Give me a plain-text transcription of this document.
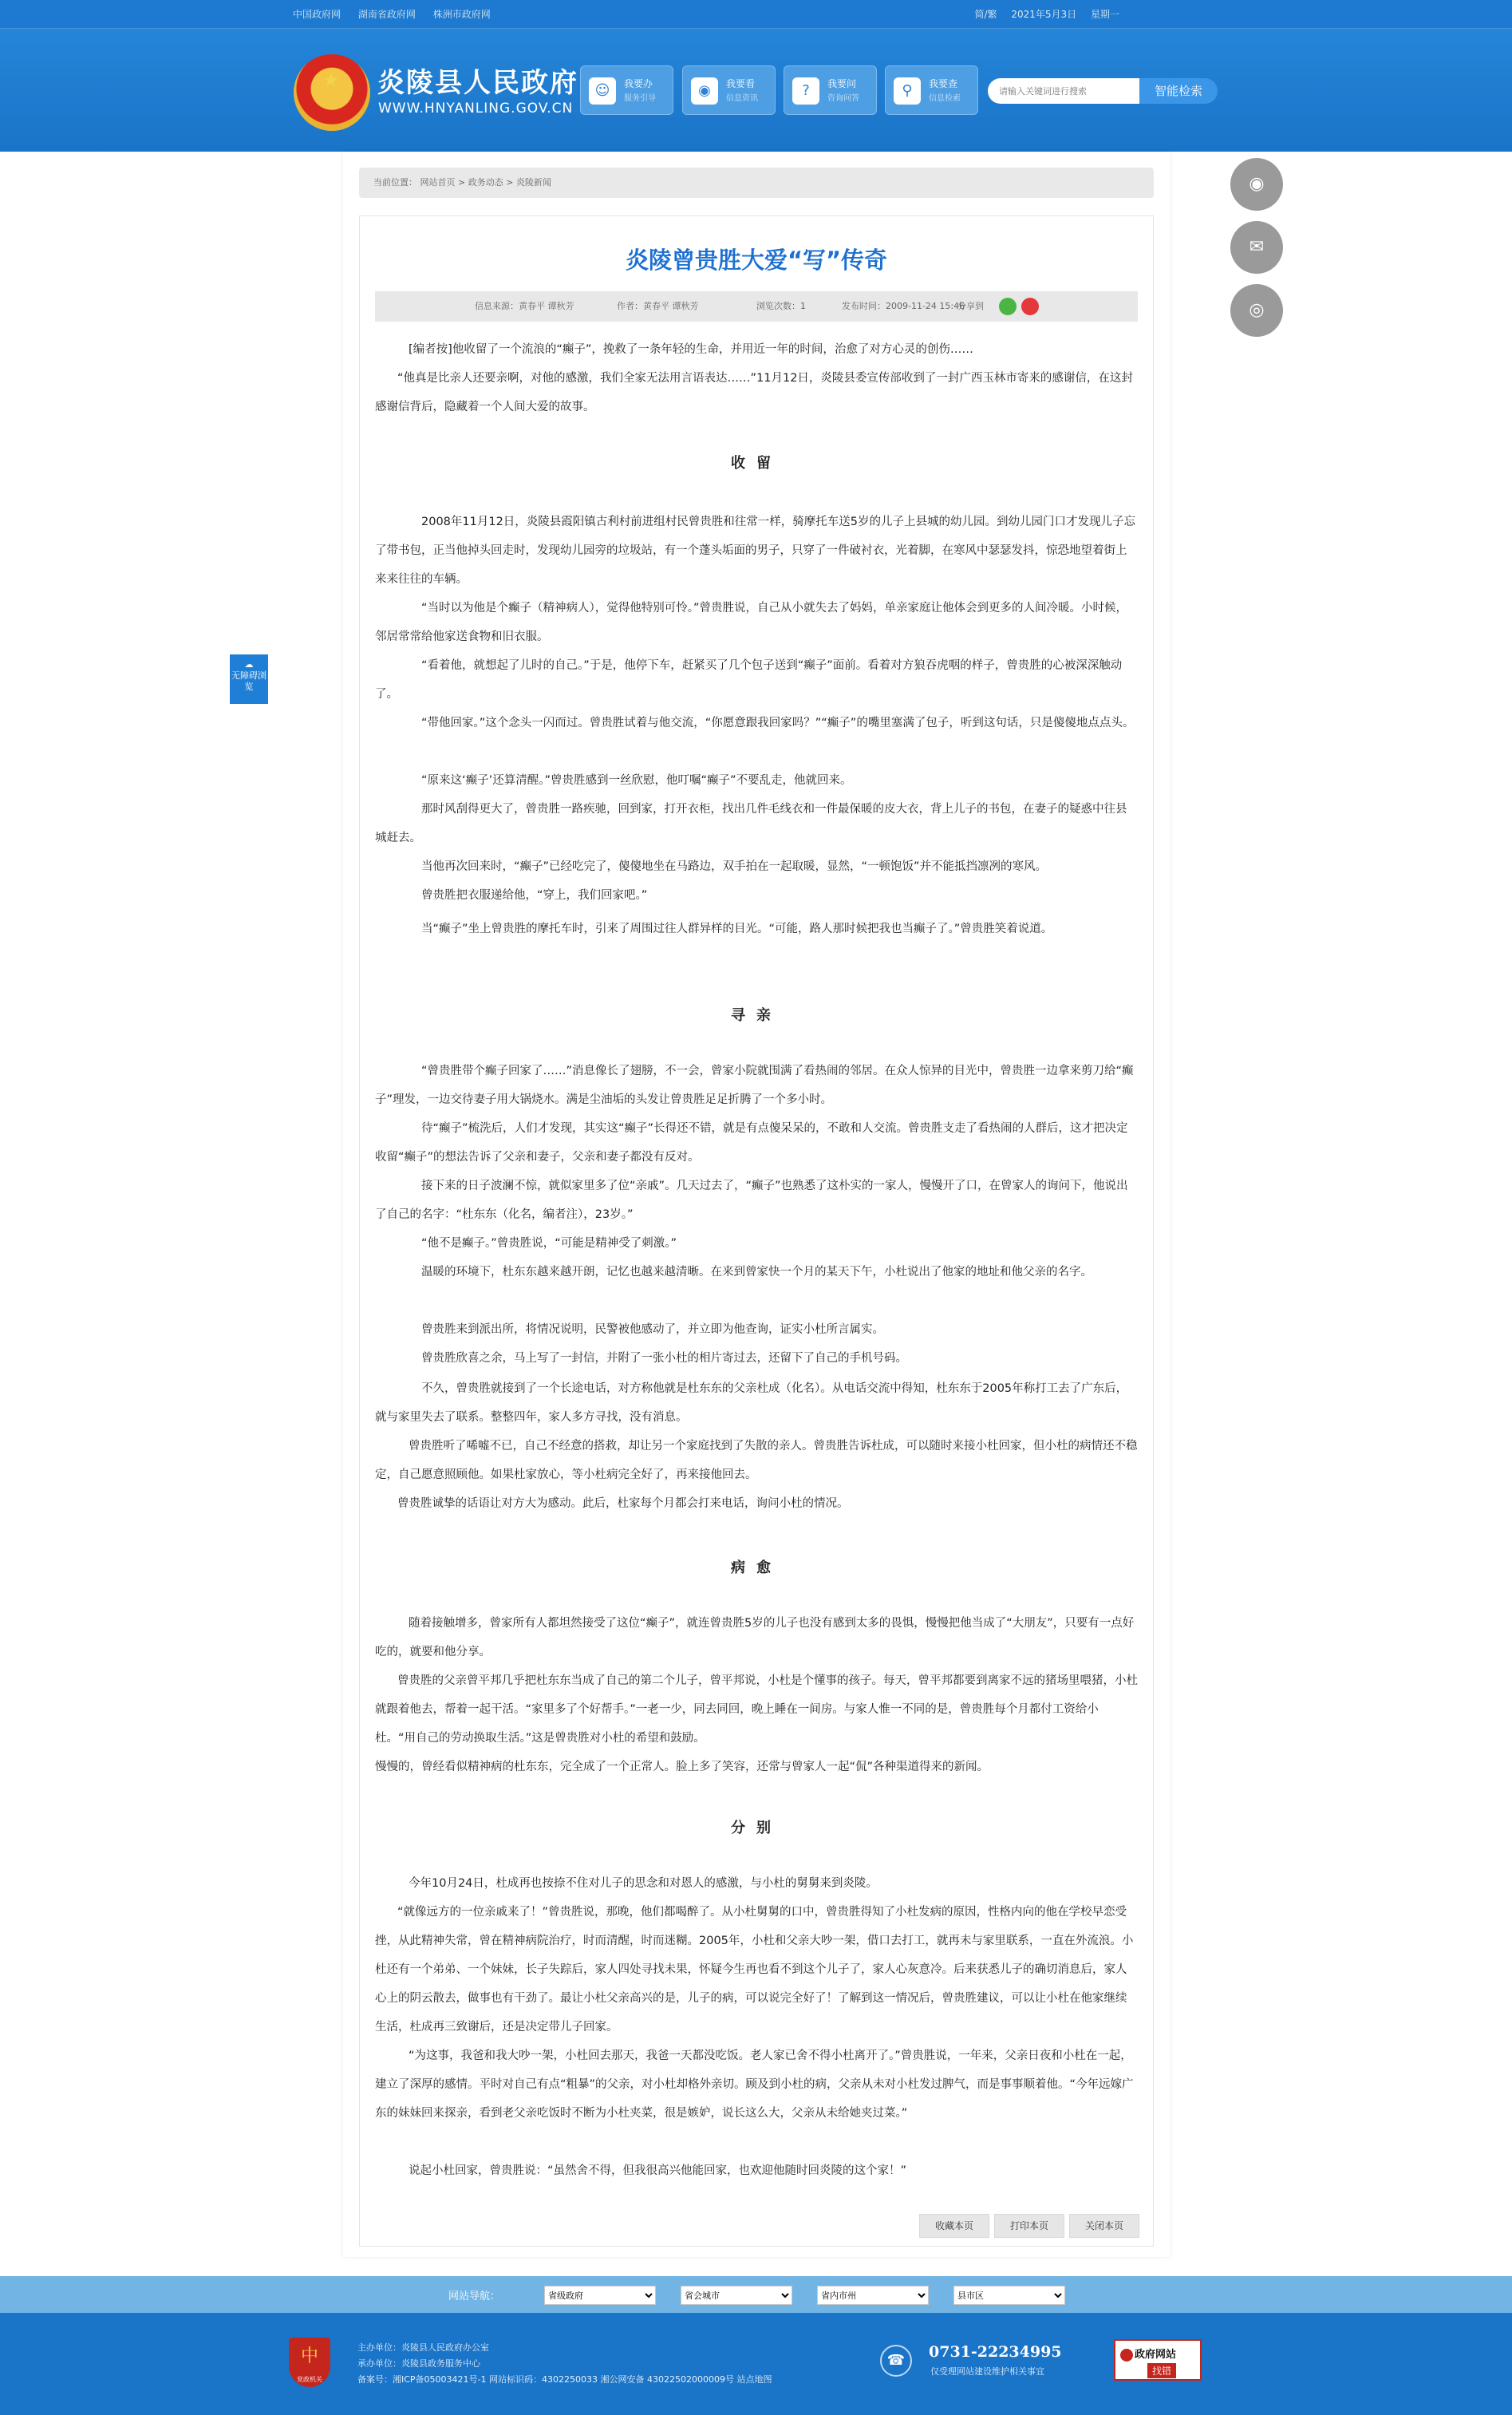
中国政府网 湖南省政府网 株洲市政府网	简/繁 2021年5月3日 星期一
★ 炎陵县人民政府
WWW.HNYANLING.GOV.CN
☺	我要办
服务引导	◉	我要看
信息资讯	?	我要问
咨询问答	⚲	我要查
信息检索
请输入关键词进行搜索
智能检索
当前位置： 网站首页 > 政务动态 > 炎陵新闻
炎陵曾贵胜大爱“写”传奇
信息来源：黄春平 谭秋芳	作者：黄春平 谭秋芳	浏览次数：1	发布时间：2009-11-24 15:46
分享到

[编者按]他收留了一个流浪的“癫子”，挽救了一条年轻的生命，并用近一年的时间，治愈了对方心灵的创伤……

“他真是比亲人还要亲啊，对他的感激，我们全家无法用言语表达……”11月12日，炎陵县委宣传部收到了一封广西玉林市寄来的感谢信，在这封感谢信背后，隐藏着一个人间大爱的故事。

收留

2008年11月12日，炎陵县霞阳镇古利村前进组村民曾贵胜和往常一样，骑摩托车送5岁的儿子上县城的幼儿园。到幼儿园门口才发现儿子忘了带书包，正当他掉头回走时，发现幼儿园旁的垃圾站，有一个蓬头垢面的男子，只穿了一件破衬衣，光着脚，在寒风中瑟瑟发抖，惊恐地望着街上来来往往的车辆。

“当时以为他是个癫子（精神病人），觉得他特别可怜。”曾贵胜说，自己从小就失去了妈妈，单亲家庭让他体会到更多的人间冷暖。小时候，邻居常常给他家送食物和旧衣服。

“看着他，就想起了儿时的自己。”于是，他停下车，赶紧买了几个包子送到“癫子”面前。看着对方狼吞虎咽的样子，曾贵胜的心被深深触动了。

“带他回家。”这个念头一闪而过。曾贵胜试着与他交流，“你愿意跟我回家吗？”“癫子”的嘴里塞满了包子，听到这句话，只是傻傻地点点头。

“原来这‘癫子’还算清醒。”曾贵胜感到一丝欣慰，他叮嘱“癫子”不要乱走，他就回来。

那时风刮得更大了，曾贵胜一路疾驰，回到家，打开衣柜，找出几件毛线衣和一件最保暖的皮大衣，背上儿子的书包，在妻子的疑惑中往县城赶去。

当他再次回来时，“癫子”已经吃完了，傻傻地坐在马路边，双手拍在一起取暖，显然，“一顿饱饭”并不能抵挡凛冽的寒风。

曾贵胜把衣服递给他，“穿上，我们回家吧。”

当“癫子”坐上曾贵胜的摩托车时，引来了周围过往人群异样的目光。“可能，路人那时候把我也当癫子了。”曾贵胜笑着说道。

寻亲

“曾贵胜带个癫子回家了……”消息像长了翅膀，不一会，曾家小院就围满了看热闹的邻居。在众人惊异的目光中，曾贵胜一边拿来剪刀给“癫子”理发，一边交待妻子用大锅烧水。满是尘油垢的头发让曾贵胜足足折腾了一个多小时。

待“癫子”梳洗后，人们才发现，其实这“癫子”长得还不错，就是有点傻呆呆的，不敢和人交流。曾贵胜支走了看热闹的人群后，这才把决定收留“癫子”的想法告诉了父亲和妻子，父亲和妻子都没有反对。

接下来的日子波澜不惊，就似家里多了位“亲戚”。几天过去了，“癫子”也熟悉了这朴实的一家人，慢慢开了口，在曾家人的询问下，他说出了自己的名字：“杜东东（化名，编者注），23岁。”

“他不是癫子。”曾贵胜说，“可能是精神受了刺激。”

温暖的环境下，杜东东越来越开朗，记忆也越来越清晰。在来到曾家快一个月的某天下午，小杜说出了他家的地址和他父亲的名字。

曾贵胜来到派出所，将情况说明，民警被他感动了，并立即为他查询，证实小杜所言属实。

曾贵胜欣喜之余，马上写了一封信，并附了一张小杜的相片寄过去，还留下了自己的手机号码。

不久，曾贵胜就接到了一个长途电话，对方称他就是杜东东的父亲杜成（化名）。从电话交流中得知，杜东东于2005年称打工去了广东后，就与家里失去了联系。整整四年，家人多方寻找，没有消息。

曾贵胜听了唏嘘不已，自己不经意的搭救，却让另一个家庭找到了失散的亲人。曾贵胜告诉杜成，可以随时来接小杜回家，但小杜的病情还不稳定，自己愿意照顾他。如果杜家放心，等小杜病完全好了，再来接他回去。

曾贵胜诚挚的话语让对方大为感动。此后，杜家每个月都会打来电话，询问小杜的情况。

病愈

随着接触增多，曾家所有人都坦然接受了这位“癫子”，就连曾贵胜5岁的儿子也没有感到太多的畏惧，慢慢把他当成了“大朋友”，只要有一点好吃的，就要和他分享。

曾贵胜的父亲曾平邦几乎把杜东东当成了自己的第二个儿子，曾平邦说，小杜是个懂事的孩子。每天，曾平邦都要到离家不远的猪场里喂猪，小杜就跟着他去，帮着一起干活。“家里多了个好帮手。”一老一少，同去同回，晚上睡在一间房。与家人惟一不同的是，曾贵胜每个月都付工资给小杜。“用自己的劳动换取生活。”这是曾贵胜对小杜的希望和鼓励。

慢慢的，曾经看似精神病的杜东东，完全成了一个正常人。脸上多了笑容，还常与曾家人一起“侃”各种渠道得来的新闻。

分别

今年10月24日，杜成再也按捺不住对儿子的思念和对恩人的感激，与小杜的舅舅来到炎陵。

“就像远方的一位亲戚来了！”曾贵胜说，那晚，他们都喝醉了。从小杜舅舅的口中，曾贵胜得知了小杜发病的原因，性格内向的他在学校早恋受挫，从此精神失常，曾在精神病院治疗，时而清醒，时而迷糊。2005年，小杜和父亲大吵一架，借口去打工，就再未与家里联系，一直在外流浪。小杜还有一个弟弟、一个妹妹，长子失踪后，家人四处寻找未果，怀疑今生再也看不到这个儿子了，家人心灰意冷。后来获悉儿子的确切消息后，家人心上的阴云散去，做事也有干劲了。最让小杜父亲高兴的是，儿子的病，可以说完全好了！了解到这一情况后，曾贵胜建议，可以让小杜在他家继续生活，杜成再三致谢后，还是决定带儿子回家。

“为这事，我爸和我大吵一架，小杜回去那天，我爸一天都没吃饭。老人家已舍不得小杜离开了。”曾贵胜说，一年来，父亲日夜和小杜在一起，建立了深厚的感情。平时对自己有点“粗暴”的父亲，对小杜却格外亲切。顾及到小杜的病，父亲从未对小杜发过脾气，而是事事顺着他。“今年远嫁广东的妹妹回来探亲，看到老父亲吃饭时不断为小杜夹菜，很是嫉妒，说长这么大，父亲从未给她夹过菜。”

说起小杜回家，曾贵胜说：“虽然舍不得，但我很高兴他能回家，也欢迎他随时回炎陵的这个家！”

收藏本页	打印本页	关闭本页
◉
✉
◎
☁
无障碍浏览
网站导航：
省级政府
省会城市
省内市州
县市区
中
党政机关
主办单位：炎陵县人民政府办公室
承办单位：炎陵县政务服务中心
备案号：湘ICP备05003421号-1 网站标识码：4302250033 湘公网安备 43022502000009号 站点地图
☎	0731-22234995
仅受理网站建设维护相关事宜
政府网站
找错
